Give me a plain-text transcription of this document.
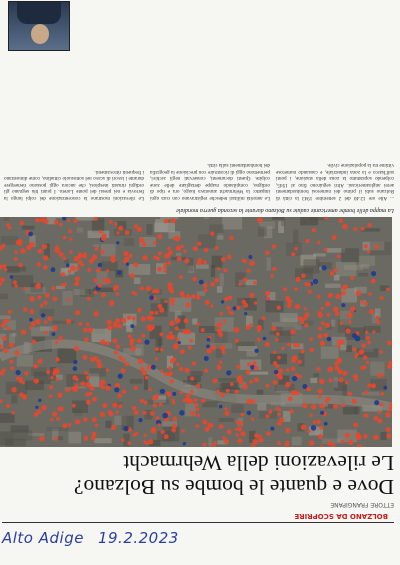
Alto Adige 19.2.2023
BOLZANO DA SCOPRIRE
ETTORE FRANGIPANE
Dove e quante le bombe su Bolzano?
Le rilevazioni della Wehrmacht
La mappa delle bombe americante cadute su Bolzano durante la seconda guerra mondiale
... Alle ore 12.40 del 2 settembre 1943 la città di Bolzano subì il primo dei numerosi bombardamenti aerei angloamericani. Altri seguirono fino al 1945, colpendo soprattutto la zona della stazione, i ponti sull'Isarco e la zona industriale, e causando numerose vittime tra la popolazione civile.
Le autorità militari tedesche registravano con cura ogni impatto: la Wehrmacht annotava luogo, ora e tipo di ordigno, compilando mappe dettagliate delle zone colpite. Questi documenti, conservati negli archivi, permettono oggi di ricostruire con precisione la geografia dei bombardamenti sulla città.
Le rilevazioni mostrano la concentrazione dei colpi lungo la ferrovia e nei pressi del ponte Loreto. I punti blu segnano gli ordigni rimasti inesplosi, che ancora oggi possono riemergere durante i lavori di scavo nel sottosuolo cittadino, come dimostrano i frequenti ritrovamenti.
